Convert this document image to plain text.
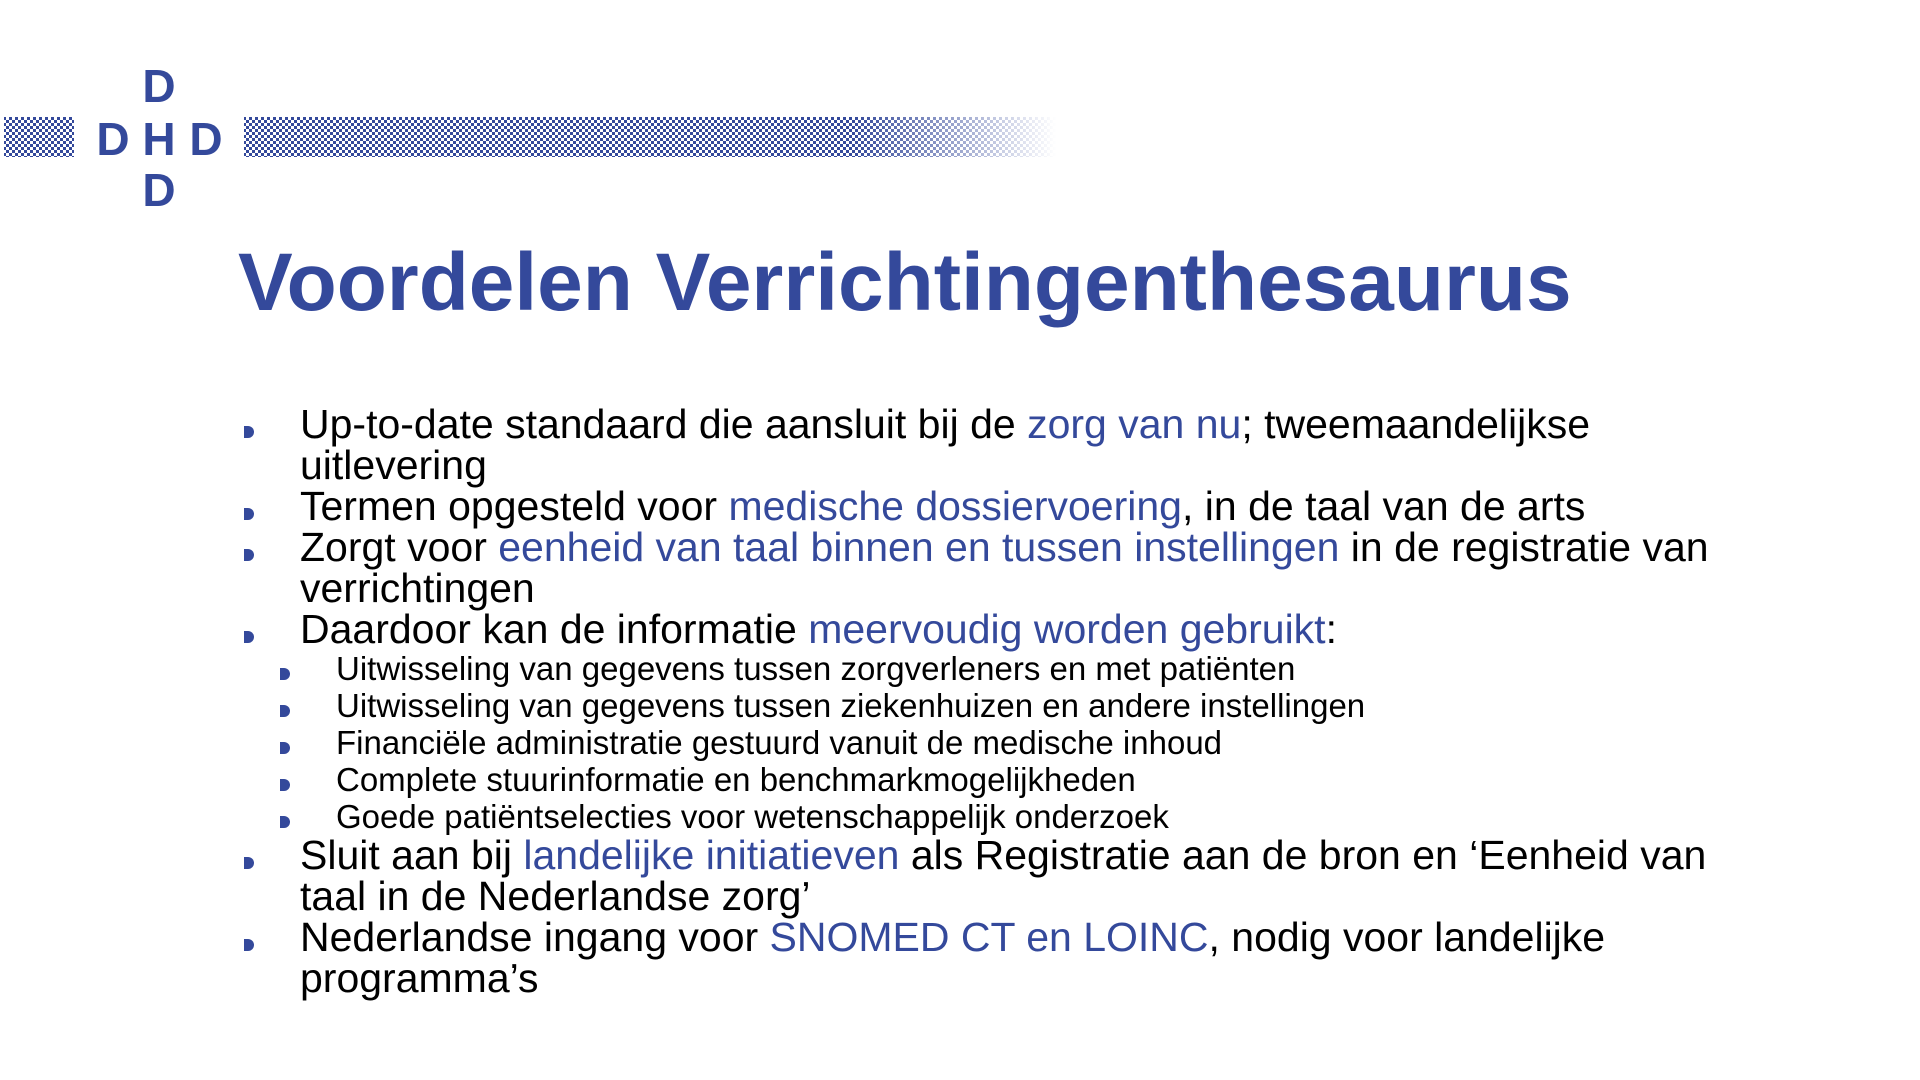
D
D H D
D
Voordelen Verrichtingenthesaurus
Up-to-date standaard die aansluit bij de zorg van nu; tweemaandelijkse uitlevering
Termen opgesteld voor medische dossiervoering, in de taal van de arts
Zorgt voor eenheid van taal binnen en tussen instellingen in de registratie van verrichtingen
Daardoor kan de informatie meervoudig worden gebruikt:
Uitwisseling van gegevens tussen zorgverleners en met patiënten
Uitwisseling van gegevens tussen ziekenhuizen en andere instellingen
Financiële administratie gestuurd vanuit de medische inhoud
Complete stuurinformatie en benchmarkmogelijkheden
Goede patiëntselecties voor wetenschappelijk onderzoek
Sluit aan bij landelijke initiatieven als Registratie aan de bron en ‘Eenheid van taal in de Nederlandse zorg’
Nederlandse ingang voor SNOMED CT en LOINC, nodig voor landelijke programma’s
